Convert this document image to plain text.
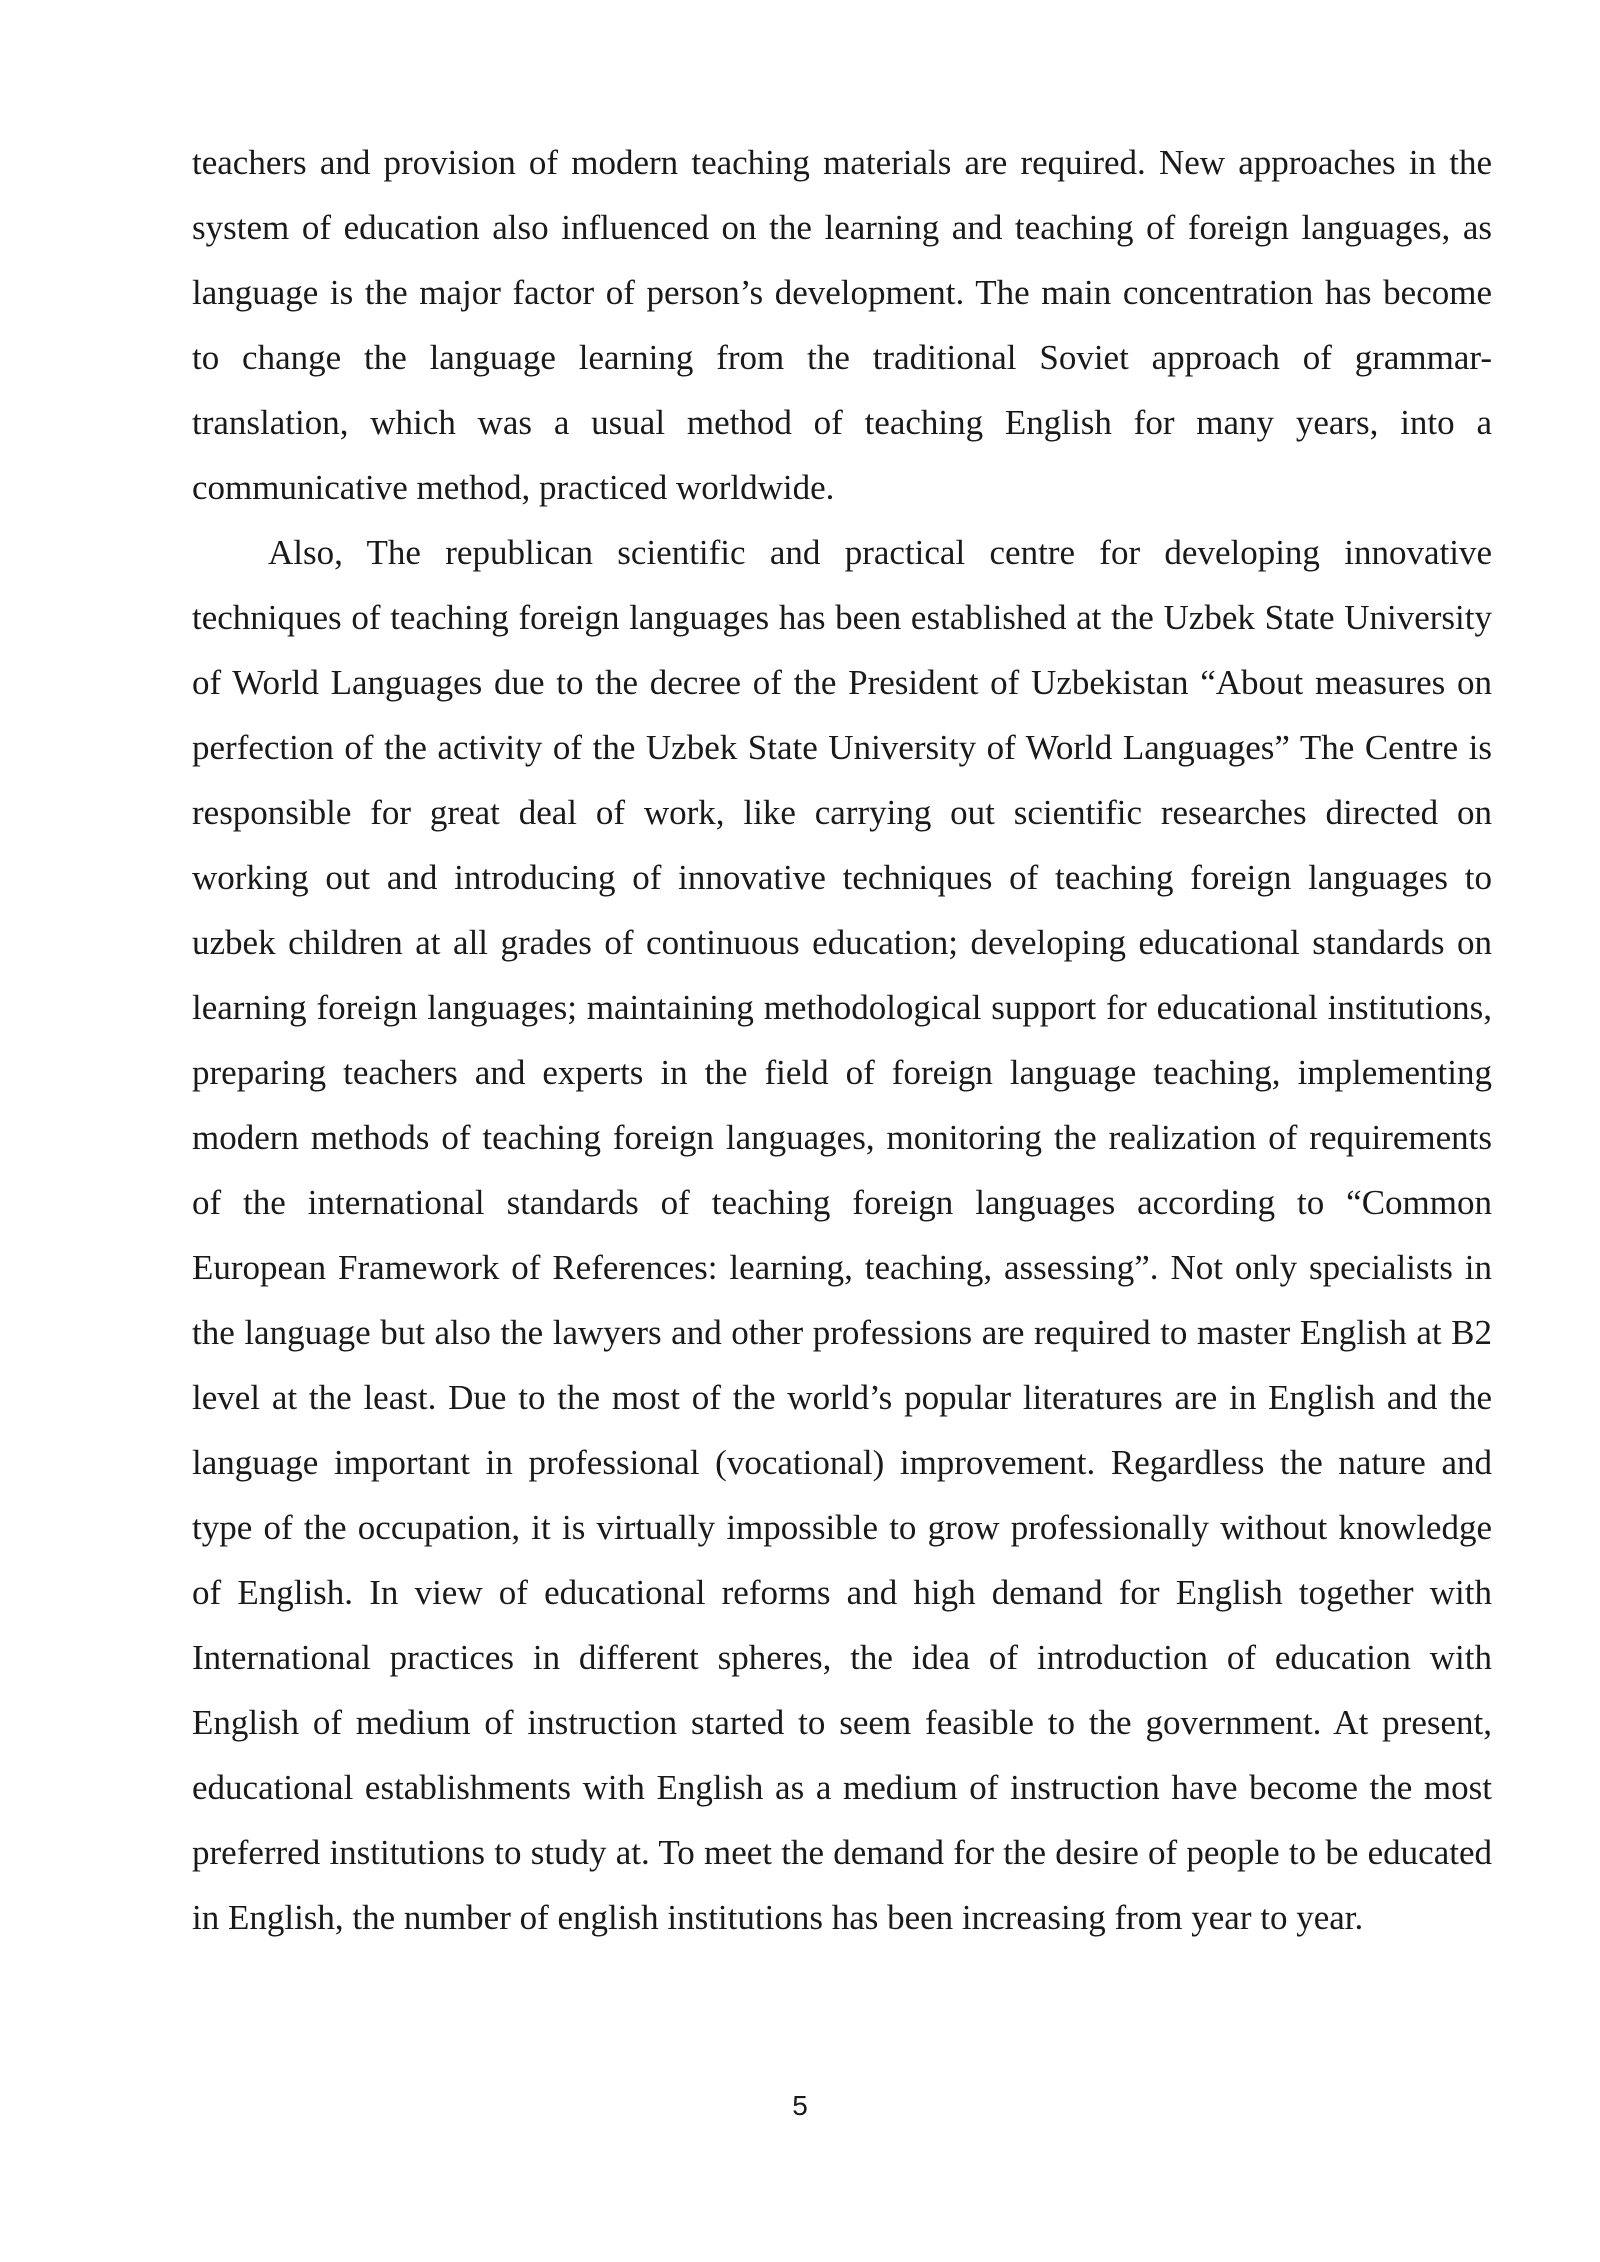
teachers and provision of modern teaching materials are required. New approaches in the system of education also influenced on the learning and teaching of foreign languages, as language is the major factor of person’s development. The main concentration has become to change the language learning from the traditional Soviet approach of grammar-translation, which was a usual method of teaching English for many years, into a communicative method, practiced worldwide.

Also, The republican scientific and practical centre for developing innovative techniques of teaching foreign languages has been established at the Uzbek State University of World Languages due to the decree of the President of Uzbekistan “About measures on perfection of the activity of the Uzbek State University of World Languages” The Centre is responsible for great deal of work, like carrying out scientific researches directed on working out and introducing of innovative techniques of teaching foreign languages to uzbek children at all grades of continuous education; developing educational standards on learning foreign languages; maintaining methodological support for educational institutions, preparing teachers and experts in the field of foreign language teaching, implementing modern methods of teaching foreign languages, monitoring the realization of requirements of the international standards of teaching foreign languages according to “Common European Framework of References: learning, teaching, assessing”. Not only specialists in the language but also the lawyers and other professions are required to master English at B2 level at the least. Due to the most of the world’s popular literatures are in English and the language important in professional (vocational) improvement. Regardless the nature and type of the occupation, it is virtually impossible to grow professionally without knowledge of English. In view of educational reforms and high demand for English together with International practices in different spheres, the idea of introduction of education with English of medium of instruction started to seem feasible to the government. At present, educational establishments with English as a medium of instruction have become the most preferred institutions to study at. To meet the demand for the desire of people to be educated in English, the number of english institutions has been increasing from year to year.

5
